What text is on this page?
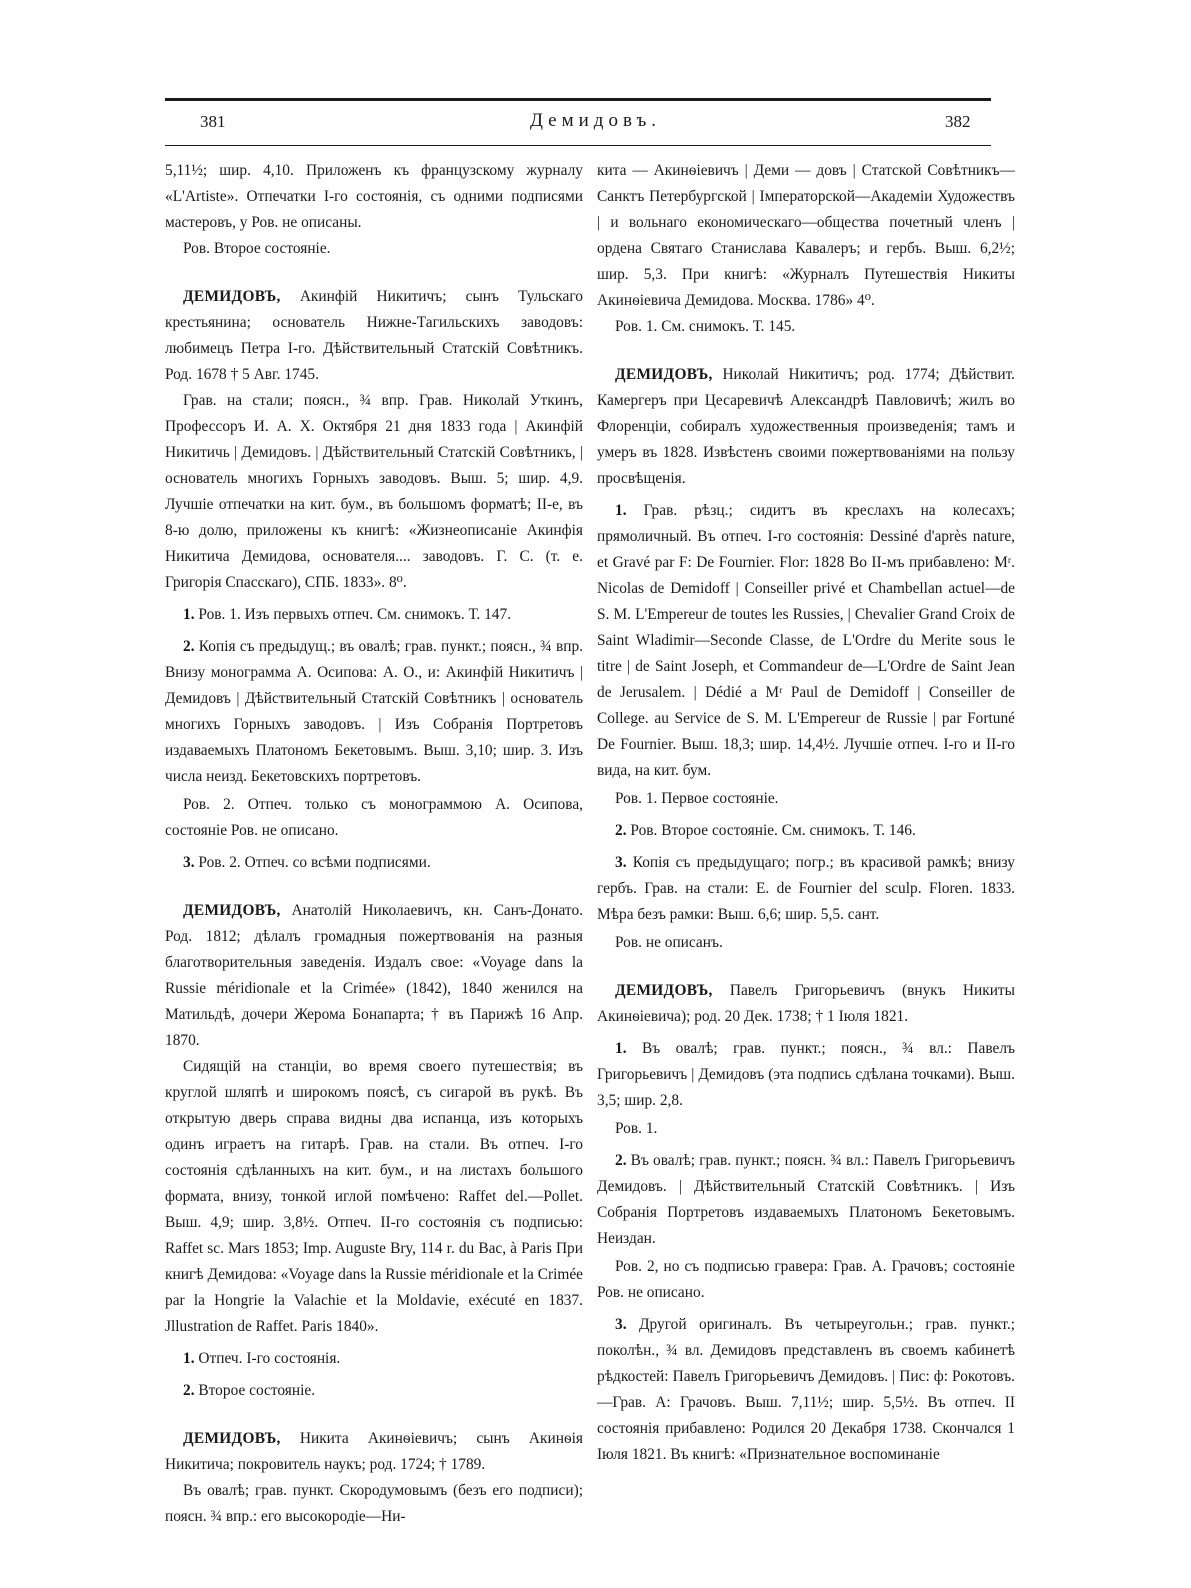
381	Демидовъ.	382

5,11½; шир. 4,10. Приложенъ къ французскому журналу «L'Artiste». Отпечатки I-го состоянія, съ одними подписями мастеровъ, у Ров. не описаны.

Ров. Второе состояніе.

ДЕМИДОВЪ, Акинфій Никитичъ; сынъ Тульскаго крестьянина; основатель Нижне-Тагильскихъ заводовъ: любимецъ Петра I-го. Дѣйствительный Статскій Совѣтникъ. Род. 1678 † 5 Авг. 1745.

Грав. на стали; поясн., ¾ впр. Грав. Николай Уткинъ, Профессоръ И. А. Х. Октября 21 дня 1833 года | Акинфій Никитичь | Демидовъ. | Дѣйствительный Статскій Совѣтникъ, | основатель многихъ Горныхъ заводовъ. Выш. 5; шир. 4,9. Лучшіе отпечатки на кит. бум., въ большомъ форматѣ; II-е, въ 8-ю долю, приложены къ книгѣ: «Жизнеописаніе Акинфія Никитича Демидова, основателя.... заводовъ. Г. С. (т. е. Григорія Спасскаго), СПБ. 1833». 8⁰.

1. Ров. 1. Изъ первыхъ отпеч. См. снимокъ. Т. 147.

2. Копія съ предыдущ.; въ овалѣ; грав. пункт.; поясн., ¾ впр. Внизу монограмма А. Осипова: А. О., и: Акинфій Никитичъ | Демидовъ | Дѣйствительный Статскій Совѣтникъ | основатель многихъ Горныхъ заводовъ. | Изъ Собранія Портретовъ издаваемыхъ Платономъ Бекетовымъ. Выш. 3,10; шир. 3. Изъ числа неизд. Бекетовскихъ портретовъ.

Ров. 2. Отпеч. только съ монограммою А. Осипова, состояніе Ров. не описано.

3. Ров. 2. Отпеч. со всѣми подписями.

ДЕМИДОВЪ, Анатолій Николаевичъ, кн. Санъ-Донато. Род. 1812; дѣлалъ громадныя пожертвованія на разныя благотворительныя заведенія. Издалъ свое: «Voyage dans la Russie méridionale et la Crimée» (1842), 1840 женился на Матильдѣ, дочери Жерома Бонапарта; † въ Парижѣ 16 Апр. 1870.

Сидящій на станціи, во время своего путешествія; въ круглой шляпѣ и широкомъ поясѣ, съ сигарой въ рукѣ. Въ открытую дверь справа видны два испанца, изъ которыхъ одинъ играетъ на гитарѣ. Грав. на стали. Въ отпеч. I-го состоянія сдѣланныхъ на кит. бум., и на листахъ большого формата, внизу, тонкой иглой помѣчено: Raffet del.—Pollet. Выш. 4,9; шир. 3,8½. Отпеч. II-го состоянія съ подписью: Raffet sc. Mars 1853; Imp. Auguste Bry, 114 r. du Bac, à Paris При книгѣ Демидова: «Voyage dans la Russie méridionale et la Crimée par la Hongrie la Valachie et la Moldavie, exécuté en 1837. Jllustration de Raffet. Paris 1840».

1. Отпеч. I-го состоянія.

2. Второе состояніе.

ДЕМИДОВЪ, Никита Акинѳіевичъ; сынъ Акинѳія Никитича; покровитель наукъ; род. 1724; † 1789.

Въ овалѣ; грав. пункт. Скородумовымъ (безъ его подписи); поясн. ¾ впр.: его высокородіе—Ни-

кита — Акинѳіевичъ | Деми — довъ | Статской Совѣтникъ—Санктъ Петербургской | Імператорской—Академіи Художествъ | и вольнаго економическаго—общества почетный членъ | ордена Святаго Станислава Кавалеръ; и гербъ. Выш. 6,2½; шир. 5,3. При книгѣ: «Журналъ Путешествія Никиты Акинѳіевича Демидова. Москва. 1786» 4⁰.

Ров. 1. См. снимокъ. Т. 145.

ДЕМИДОВЪ, Николай Никитичъ; род. 1774; Дѣйствит. Камергеръ при Цесаревичѣ Александрѣ Павловичѣ; жилъ во Флоренціи, собиралъ художественныя произведенія; тамъ и умеръ въ 1828. Извѣстенъ своими пожертвованіями на пользу просвѣщенія.

1. Грав. рѣзц.; сидитъ въ креслахъ на колесахъ; прямоличный. Въ отпеч. I-го состоянія: Dessiné d'après nature, et Gravé par F: De Fournier. Flor: 1828 Во II-мъ прибавлено: Mʳ. Nicolas de Demidoff | Conseiller privé et Chambellan actuel—de S. M. L'Empereur de toutes les Russies, | Chevalier Grand Croix de Saint Wladimir—Seconde Classe, de L'Ordre du Merite sous le titre | de Saint Joseph, et Commandeur de—L'Ordre de Saint Jean de Jerusalem. | Dédié a Mʳ Paul de Demidoff | Conseiller de College. au Service de S. M. L'Empereur de Russie | par Fortuné De Fournier. Выш. 18,3; шир. 14,4½. Лучшіе отпеч. I-го и II-го вида, на кит. бум.

Ров. 1. Первое состояніе.

2. Ров. Второе состояніе. См. снимокъ. Т. 146.

3. Копія съ предыдущаго; погр.; въ красивой рамкѣ; внизу гербъ. Грав. на стали: E. de Fournier del sculp. Floren. 1833. Мѣра безъ рамки: Выш. 6,6; шир. 5,5. сант.

Ров. не описанъ.

ДЕМИДОВЪ, Павелъ Григорьевичъ (внукъ Никиты Акинѳіевича); род. 20 Дек. 1738; † 1 Іюля 1821.

1. Въ овалѣ; грав. пункт.; поясн., ¾ вл.: Павелъ Григорьевичъ | Демидовъ (эта подпись сдѣлана точками). Выш. 3,5; шир. 2,8.

Ров. 1.

2. Въ овалѣ; грав. пункт.; поясн. ¾ вл.: Павелъ Григорьевичъ Демидовъ. | Дѣйствительный Статскій Совѣтникъ. | Изъ Собранія Портретовъ издаваемыхъ Платономъ Бекетовымъ. Неиздан.

Ров. 2, но съ подписью гравера: Грав. А. Грачовъ; состояніе Ров. не описано.

3. Другой оригиналъ. Въ четыреугольн.; грав. пункт.; поколѣн., ¾ вл. Демидовъ представленъ въ своемъ кабинетѣ рѣдкостей: Павелъ Григорьевичъ Демидовъ. | Пис: ф: Рокотовъ.—Грав. А: Грачовъ. Выш. 7,11½; шир. 5,5½. Въ отпеч. II состоянія прибавлено: Родился 20 Декабря 1738. Скончался 1 Іюля 1821. Въ книгѣ: «Признательное воспоминаніе
